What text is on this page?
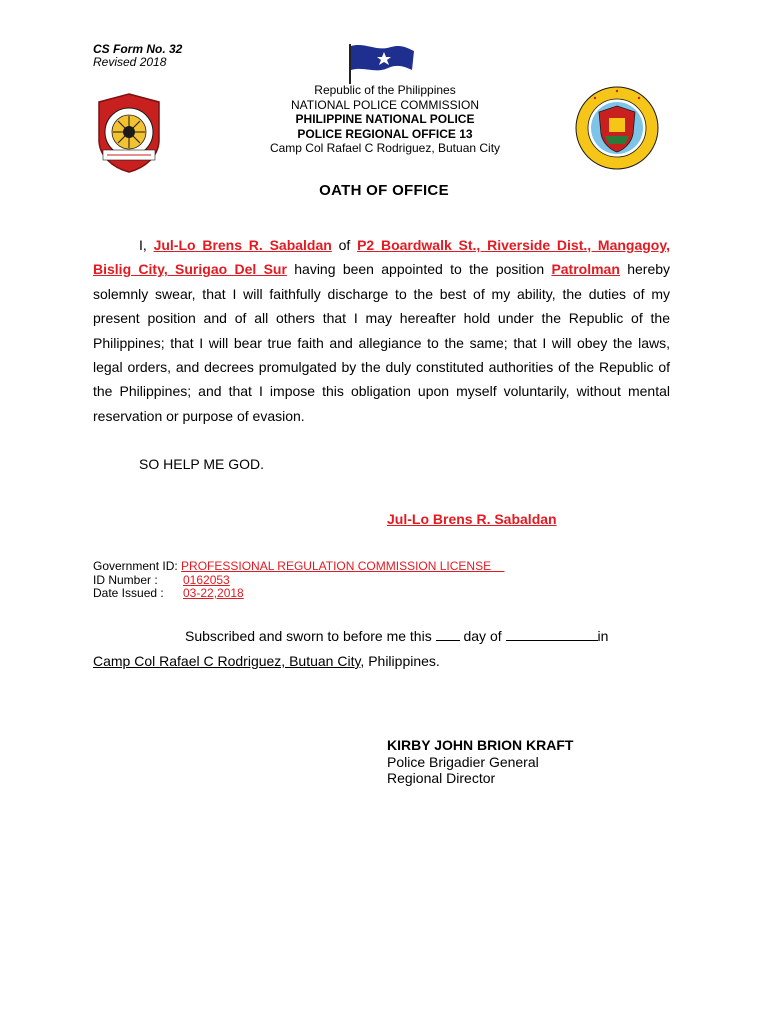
CS Form No. 32
Revised 2018
Republic of the Philippines
NATIONAL POLICE COMMISSION
PHILIPPINE NATIONAL POLICE
POLICE REGIONAL OFFICE 13
Camp Col Rafael C Rodriguez, Butuan City
OATH OF OFFICE
I, Jul-Lo Brens R. Sabaldan of P2 Boardwalk St., Riverside Dist., Mangagoy, Bislig City, Surigao Del Sur having been appointed to the position Patrolman hereby solemnly swear, that I will faithfully discharge to the best of my ability, the duties of my present position and of all others that I may hereafter hold under the Republic of the Philippines; that I will bear true faith and allegiance to the same; that I will obey the laws, legal orders, and decrees promulgated by the duly constituted authorities of the Republic of the Philippines; and that I impose this obligation upon myself voluntarily, without mental reservation or purpose of evasion.
SO HELP ME GOD.
Jul-Lo Brens R. Sabaldan
Government ID:
PROFESSIONAL REGULATION COMMISSION LICENSE

ID Number :	0162053
Date Issued :	03-22,2018
Subscribed and sworn to before me this day of	in
Camp Col Rafael C Rodriguez, Butuan City, Philippines.
KIRBY JOHN BRION KRAFT
Police Brigadier General
Regional Director
